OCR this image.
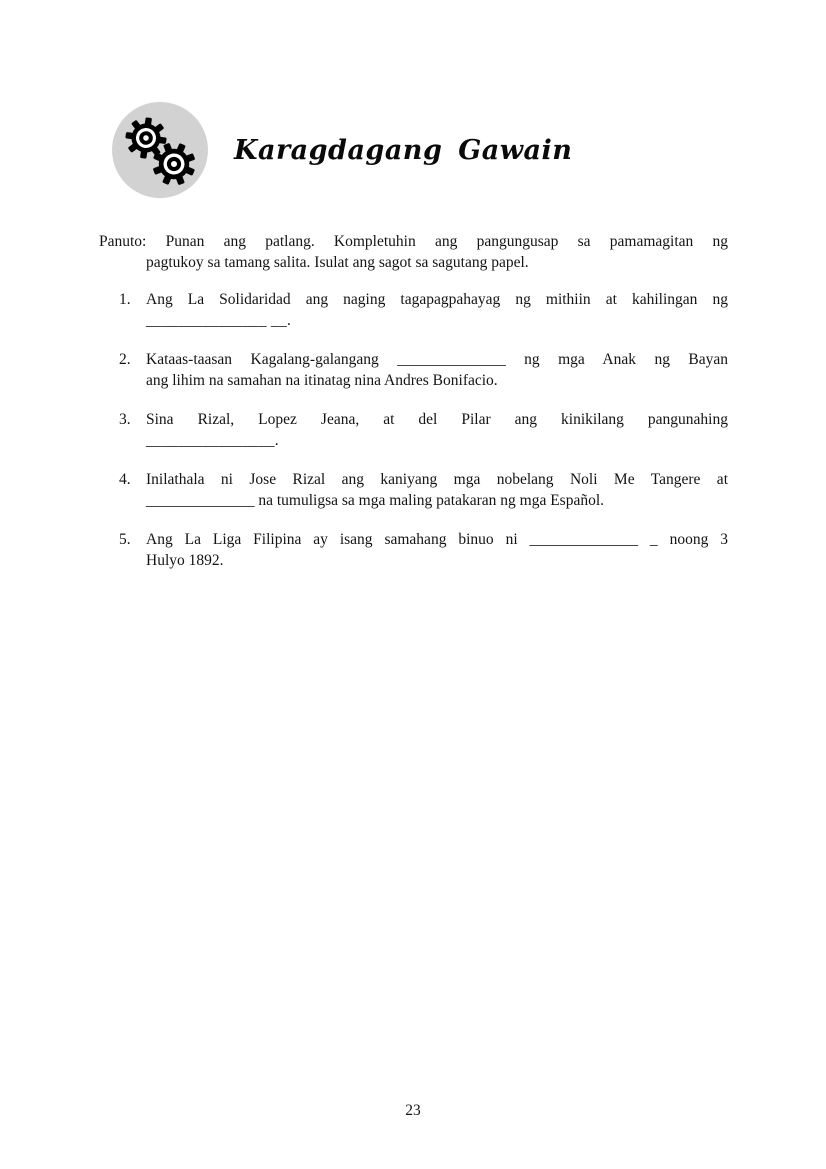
Karagdagang Gawain
Panuto: Punan ang patlang. Kompletuhin ang pangungusap sa pamamagitan ng
pagtukoy sa tamang salita. Isulat ang sagot sa sagutang papel.
1. Ang La Solidaridad ang naging tagapagpahayag ng mithiin at kahilingan ng
_______________ __.
2. Kataas-taasan Kagalang-galangang ______________ ng mga Anak ng Bayan
ang lihim na samahan na itinatag nina Andres Bonifacio.
3. Sina Rizal, Lopez Jeana, at del Pilar ang kinikilang pangunahing
________________.
4. Inilathala ni Jose Rizal ang kaniyang mga nobelang Noli Me Tangere at
______________ na tumuligsa sa mga maling patakaran ng mga Español.
5. Ang La Liga Filipina ay isang samahang binuo ni ______________ _ noong 3
Hulyo 1892.
23
